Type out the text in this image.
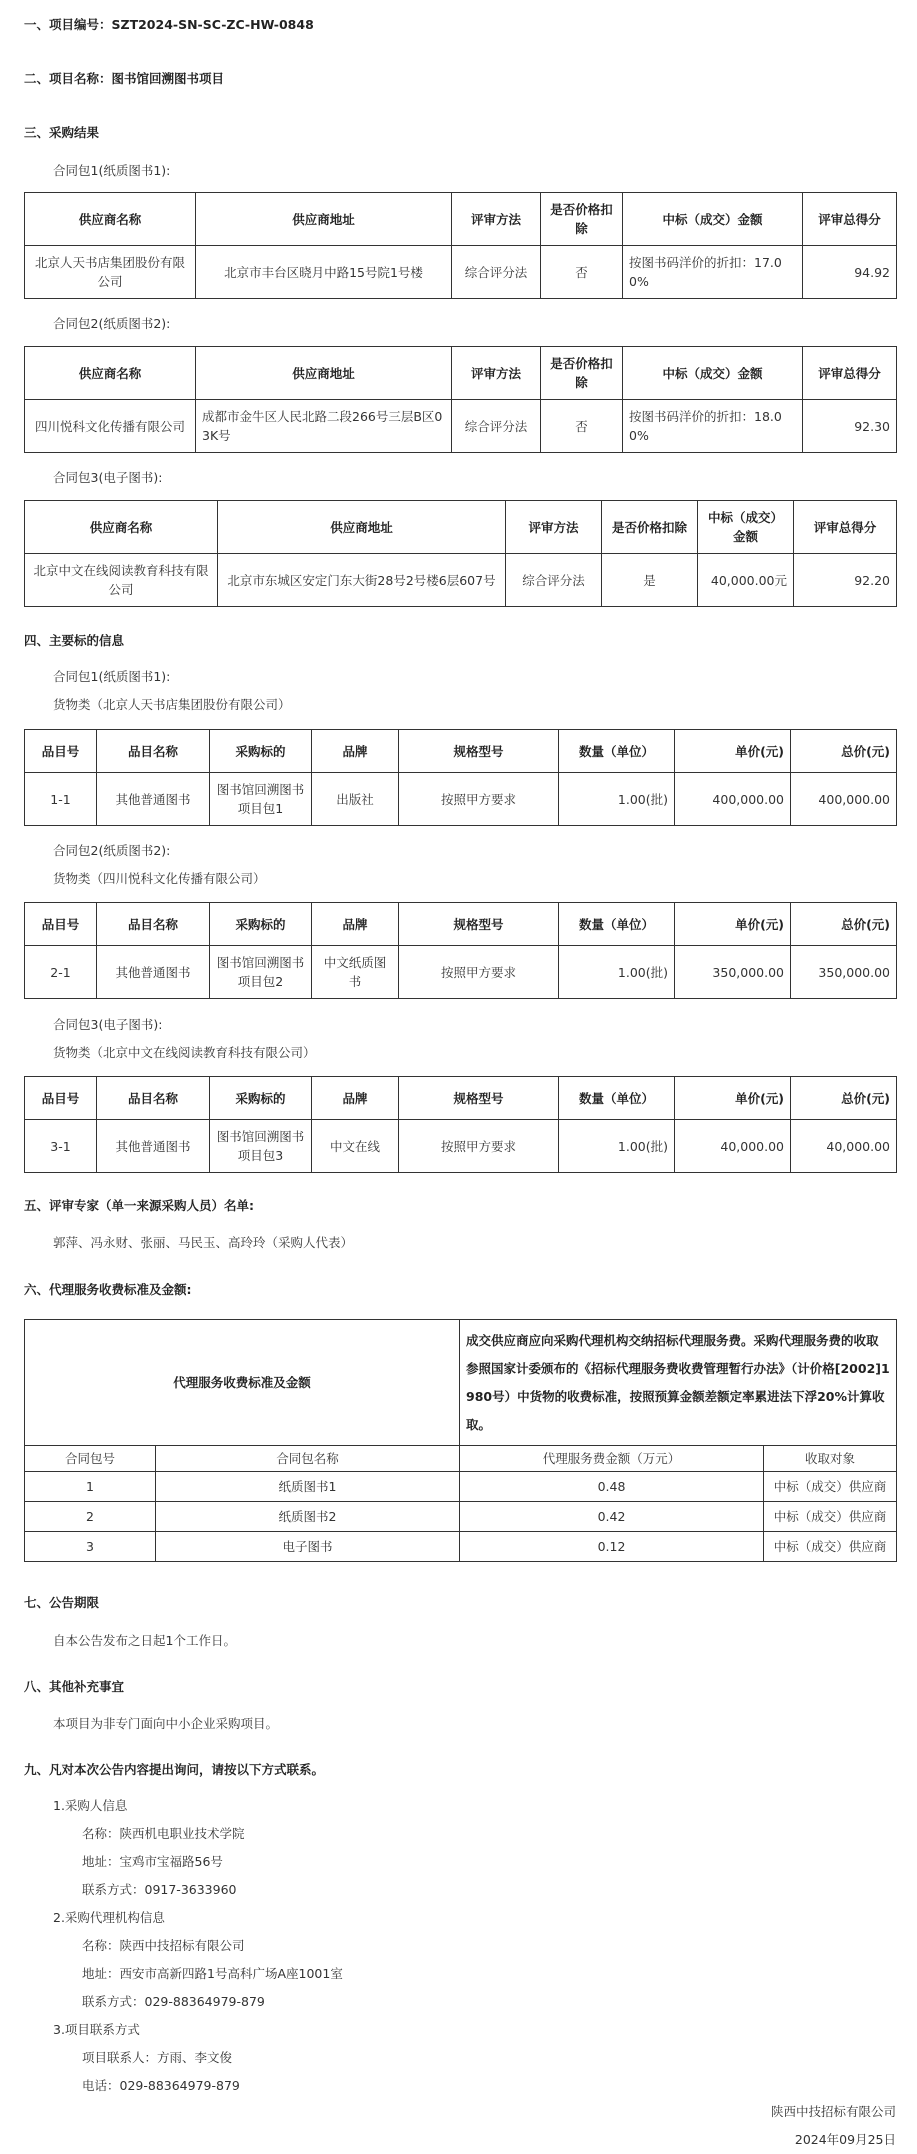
一、项目编号：SZT2024-SN-SC-ZC-HW-0848
二、项目名称：图书馆回溯图书项目
三、采购结果
合同包1(纸质图书1):
供应商名称	供应商地址	评审方法	是否价格扣除	中标（成交）金额	评审总得分
北京人天书店集团股份有限公司	北京市丰台区晓月中路15号院1号楼	综合评分法	否	按图书码洋价的折扣：17.00%	94.92
合同包2(纸质图书2):
供应商名称	供应商地址	评审方法	是否价格扣除	中标（成交）金额	评审总得分
四川悦科文化传播有限公司	成都市金牛区人民北路二段266号三层B区03K号	综合评分法	否	按图书码洋价的折扣：18.00%	92.30
合同包3(电子图书):
供应商名称	供应商地址	评审方法	是否价格扣除	中标（成交）金额	评审总得分
北京中文在线阅读教育科技有限公司	北京市东城区安定门东大街28号2号楼6层607号	综合评分法	是	40,000.00元	92.20
四、主要标的信息
合同包1(纸质图书1):
货物类（北京人天书店集团股份有限公司）
品目号	品目名称	采购标的	品牌	规格型号	数量（单位）	单价(元)	总价(元)
1-1	其他普通图书	图书馆回溯图书项目包1	出版社	按照甲方要求	1.00(批)	400,000.00	400,000.00
合同包2(纸质图书2):
货物类（四川悦科文化传播有限公司）
品目号	品目名称	采购标的	品牌	规格型号	数量（单位）	单价(元)	总价(元)
2-1	其他普通图书	图书馆回溯图书项目包2	中文纸质图书	按照甲方要求	1.00(批)	350,000.00	350,000.00
合同包3(电子图书):
货物类（北京中文在线阅读教育科技有限公司）
品目号	品目名称	采购标的	品牌	规格型号	数量（单位）	单价(元)	总价(元)
3-1	其他普通图书	图书馆回溯图书项目包3	中文在线	按照甲方要求	1.00(批)	40,000.00	40,000.00
五、评审专家（单一来源采购人员）名单:
郭萍、冯永财、张丽、马民玉、高玲玲（采购人代表）
六、代理服务收费标准及金额:
代理服务收费标准及金额		成交供应商应向采购代理机构交纳招标代理服务费。采购代理服务费的收取参照国家计委颁布的《招标代理服务费收费管理暂行办法》（计价格[2002]1980号）中货物的收费标准，按照预算金额差额定率累进法下浮20%计算收取。	
合同包号	合同包名称	代理服务费金额（万元）	收取对象
1	纸质图书1	0.48	中标（成交）供应商
2	纸质图书2	0.42	中标（成交）供应商
3	电子图书	0.12	中标（成交）供应商
七、公告期限
自本公告发布之日起1个工作日。
八、其他补充事宜
本项目为非专门面向中小企业采购项目。
九、凡对本次公告内容提出询问，请按以下方式联系。
1.采购人信息
名称：陕西机电职业技术学院
地址：宝鸡市宝福路56号
联系方式：0917-3633960
2.采购代理机构信息
名称：陕西中技招标有限公司
地址：西安市高新四路1号高科广场A座1001室
联系方式：029-88364979-879
3.项目联系方式
项目联系人：方雨、李文俊
电话：029-88364979-879
陕西中技招标有限公司
2024年09月25日
